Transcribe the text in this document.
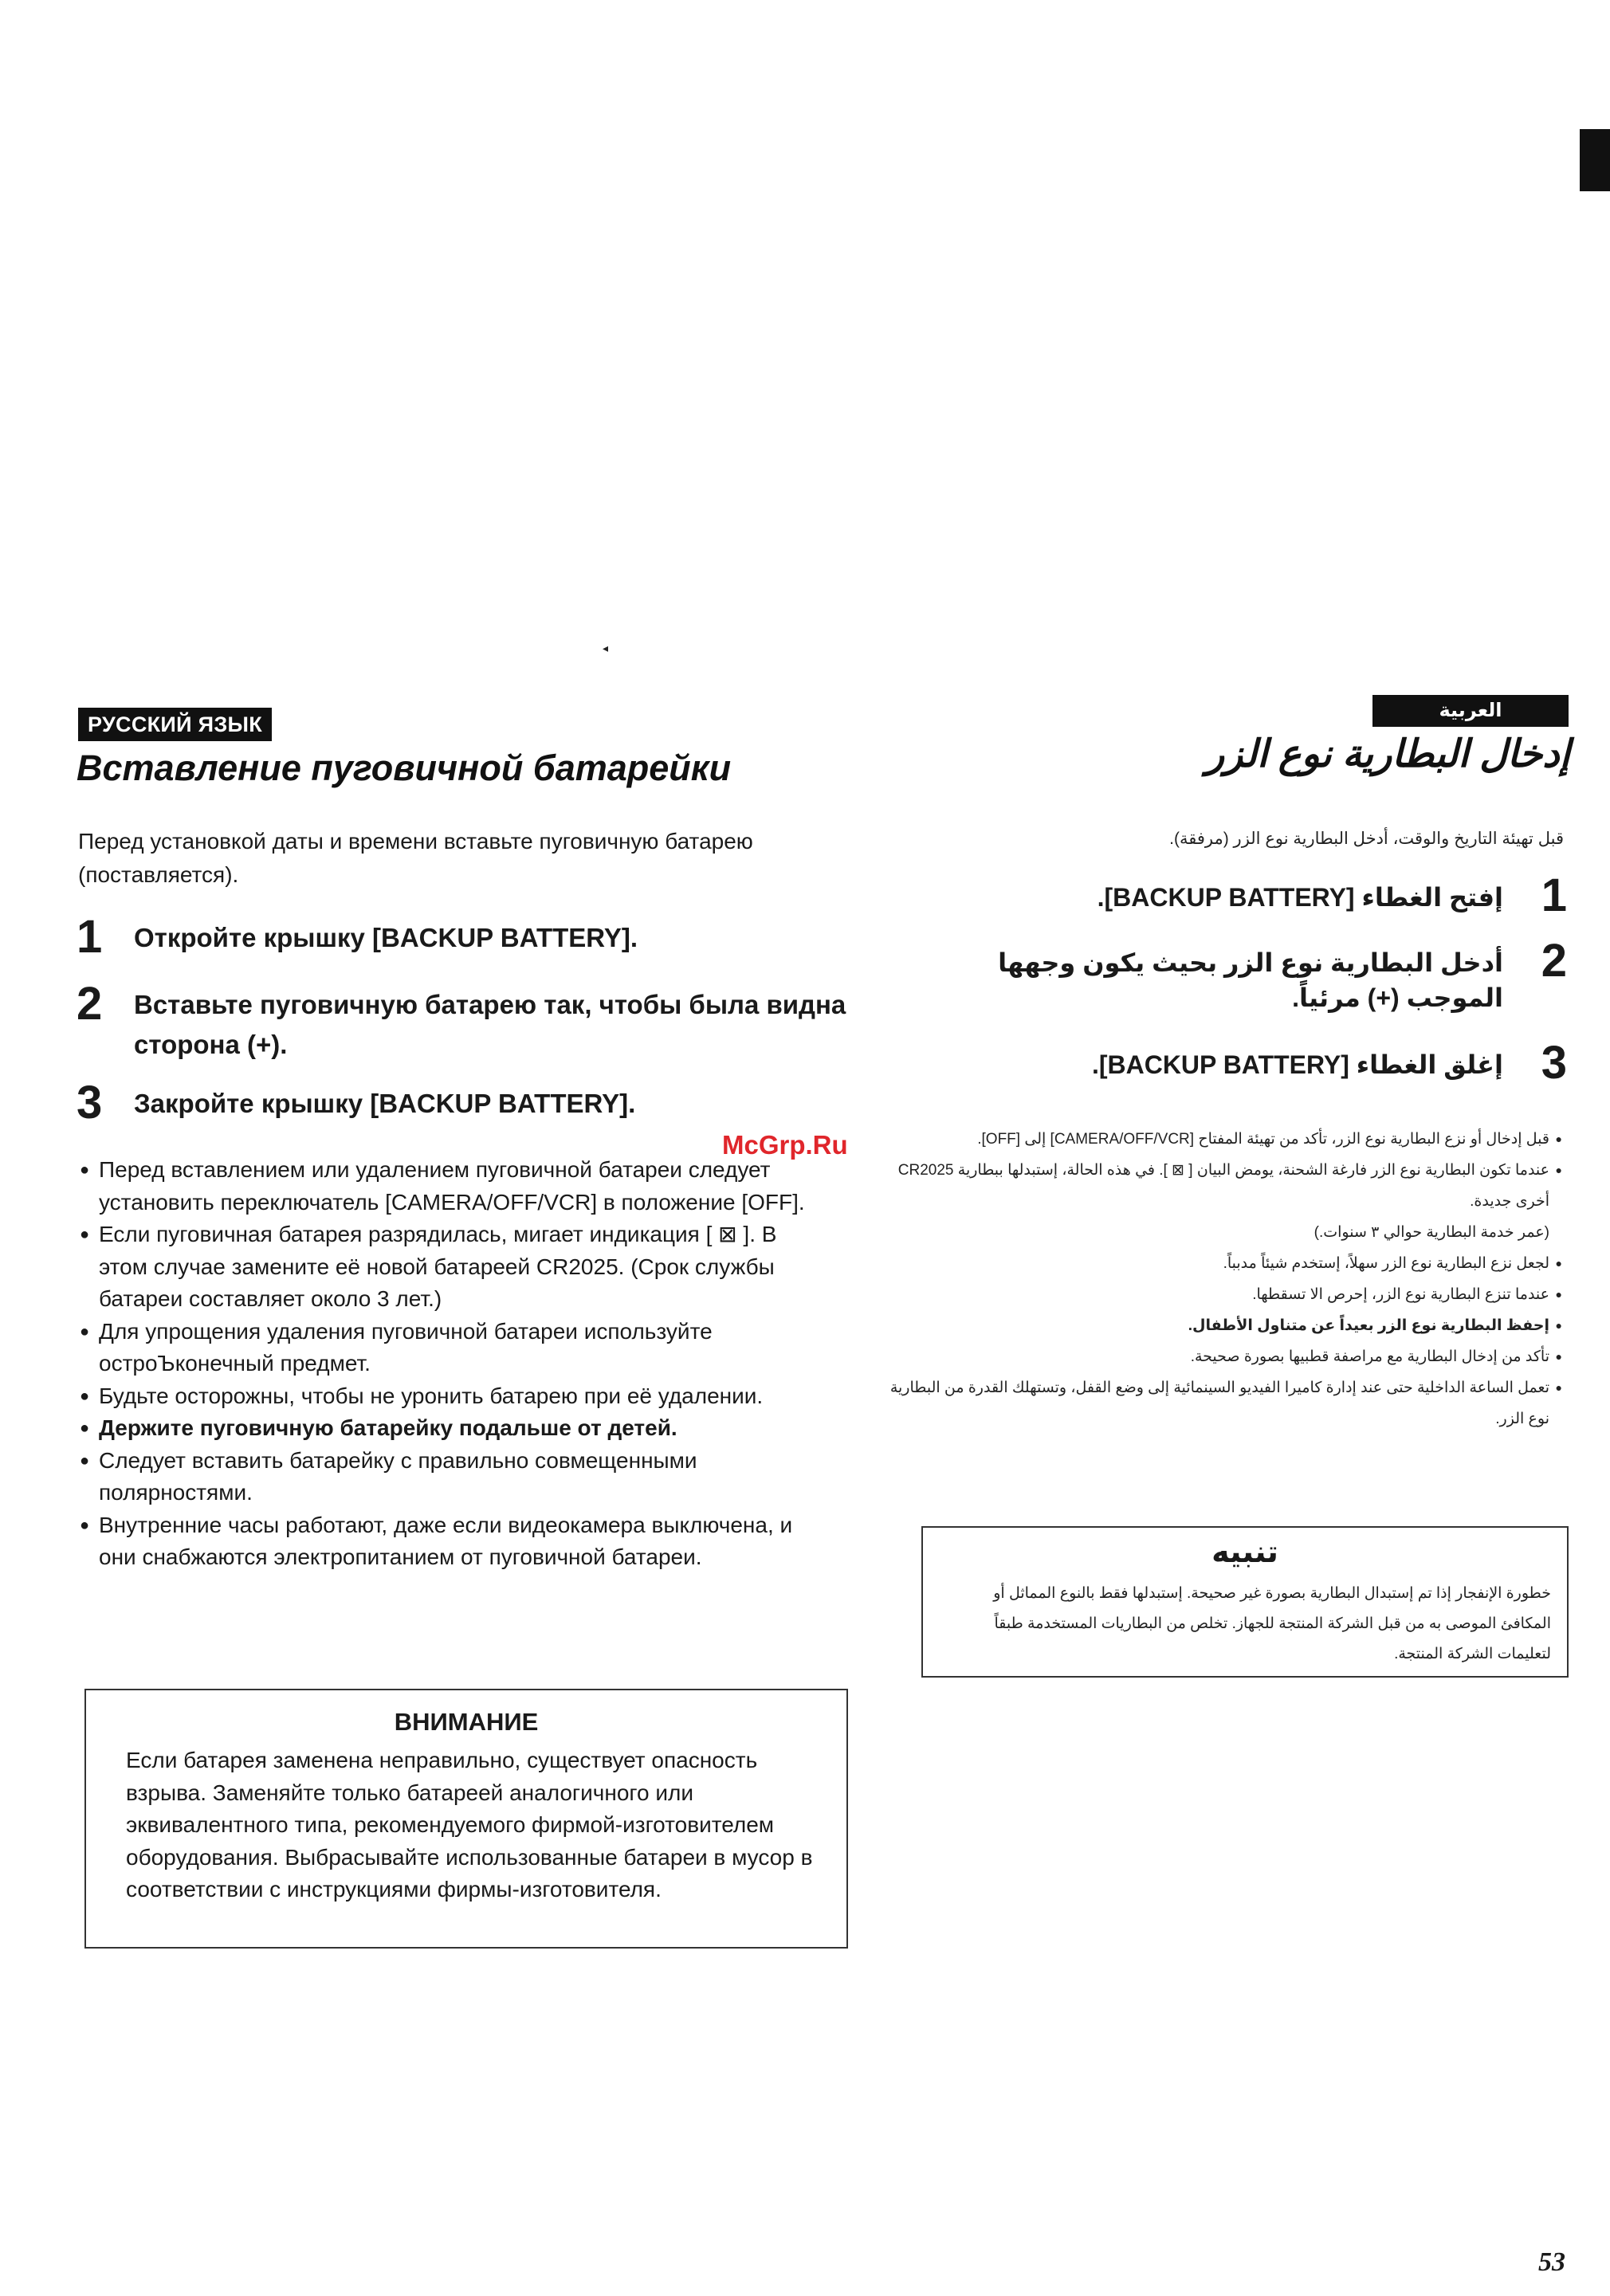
◂
РУССКИЙ ЯЗЫК
Вставление пуговичной батарейки
Перед установкой даты и времени вставьте пуговичную батарею (поставляется).
1	Откройте крышку [BACKUP BATTERY].
2	Вставьте пуговичную батарею так, чтобы была видна сторона (+).
3	Закройте крышку [BACKUP BATTERY].
● Перед вставлением или удалением пуговичной батареи следует установить переключатель [CAMERA/OFF/VCR] в положение [OFF].
● Если пуговичная батарея разрядилась, мигает индикация [ ⊠ ]. В этом случае замените её новой батареей CR2025. (Срок службы батареи составляет около 3 лет.)
● Для упрощения удаления пуговичной батареи используйте остроЪконечный предмет.
● Будьте осторожны, чтобы не уронить батарею при её удалении.
● Держите пуговичную батарейку подальше от детей.
● Следует вставить батарейку с правильно совмещенными полярностями.
● Внутренние часы работают, даже если видеокамера выключена, и они снабжаются электропитанием от пуговичной батареи.
ВНИМАНИЕ
Если батарея заменена неправильно, существует опасность взрыва. Заменяйте только батареей аналогичного или эквивалентного типа, рекомендуемого фирмой-изготовителем оборудования. Выбрасывайте использованные батареи в мусор в соответствии с инструкциями фирмы-изготовителя.
العربية
إدخال البطارية نوع الزر
قبل تهيئة التاريخ والوقت، أدخل البطارية نوع الزر (مرفقة).
إفتح الغطاء [BACKUP BATTERY]. 1
أدخل البطارية نوع الزر بحيث يكون وجهها الموجب (+) مرئياً.
2
إغلق الغطاء [BACKUP BATTERY]. 3
● قبل إدخال أو نزع البطارية نوع الزر، تأكد من تهيئة المفتاح [CAMERA/OFF/VCR] إلى [OFF].
● عندما تكون البطارية نوع الزر فارغة الشحنة، يومض البيان [ ⊠ ]. في هذه الحالة، إستبدلها ببطارية CR2025 أخرى جديدة.
(عمر خدمة البطارية حوالي ٣ سنوات.)
● لجعل نزع البطارية نوع الزر سهلاً، إستخدم شيئاً مدبباً.
● عندما تنزع البطارية نوع الزر، إحرص الا تسقطها.
● إحفظ البطارية نوع الزر بعيداً عن متناول الأطفال.
● تأكد من إدخال البطارية مع مراصفة قطبيها بصورة صحيحة.
● تعمل الساعة الداخلية حتى عند إدارة كاميرا الفيديو السينمائية إلى وضع القفل، وتستهلك القدرة من البطارية نوع الزر.
تنبيه
خطورة الإنفجار إذا تم إستبدال البطارية بصورة غير صحيحة. إستبدلها فقط بالنوع المماثل أو المكافئ الموصى به من قبل الشركة المنتجة للجهاز. تخلص من البطاريات المستخدمة طبقاً لتعليمات الشركة المنتجة.
McGrp.Ru
53
